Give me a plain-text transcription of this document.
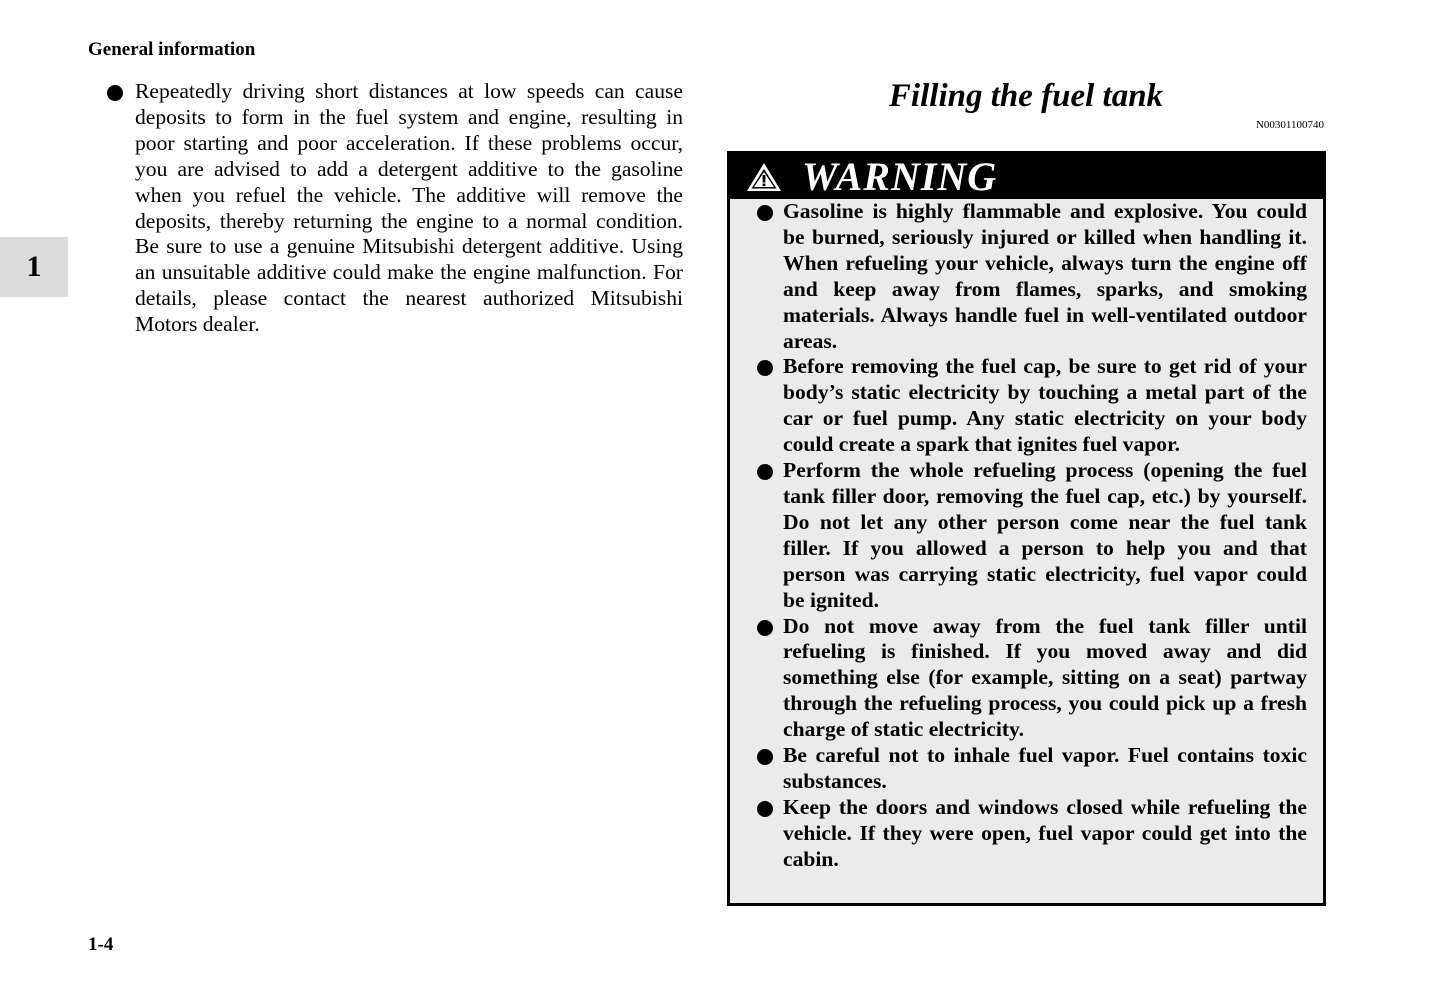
General information
1
Repeatedly driving short distances at low speeds can cause deposits to form in the fuel system and engine, resulting in poor starting and poor acceleration. If these problems occur, you are advised to add a detergent additive to the gasoline when you refuel the vehicle. The additive will remove the deposits, thereby returning the engine to a normal condition. Be sure to use a genuine Mitsubishi detergent additive. Using an unsuitable additive could make the engine malfunction. For details, please contact the nearest authorized Mitsubishi Motors dealer.
Filling the fuel tank
N00301100740
WARNING
Gasoline is highly flammable and explosive. You could be burned, seriously injured or killed when handling it. When refueling your vehicle, always turn the engine off and keep away from flames, sparks, and smoking materials. Always handle fuel in well-ventilated outdoor areas.
Before removing the fuel cap, be sure to get rid of your body’s static electricity by touching a metal part of the car or fuel pump. Any static electricity on your body could create a spark that ignites fuel vapor.
Perform the whole refueling process (opening the fuel tank filler door, removing the fuel cap, etc.) by yourself. Do not let any other person come near the fuel tank filler. If you allowed a person to help you and that person was carrying static electricity, fuel vapor could be ignited.
Do not move away from the fuel tank filler until refueling is finished. If you moved away and did something else (for example, sitting on a seat) partway through the refueling process, you could pick up a fresh charge of static electricity.
Be careful not to inhale fuel vapor. Fuel contains toxic substances.
Keep the doors and windows closed while refueling the vehicle. If they were open, fuel vapor could get into the cabin.
1-4
